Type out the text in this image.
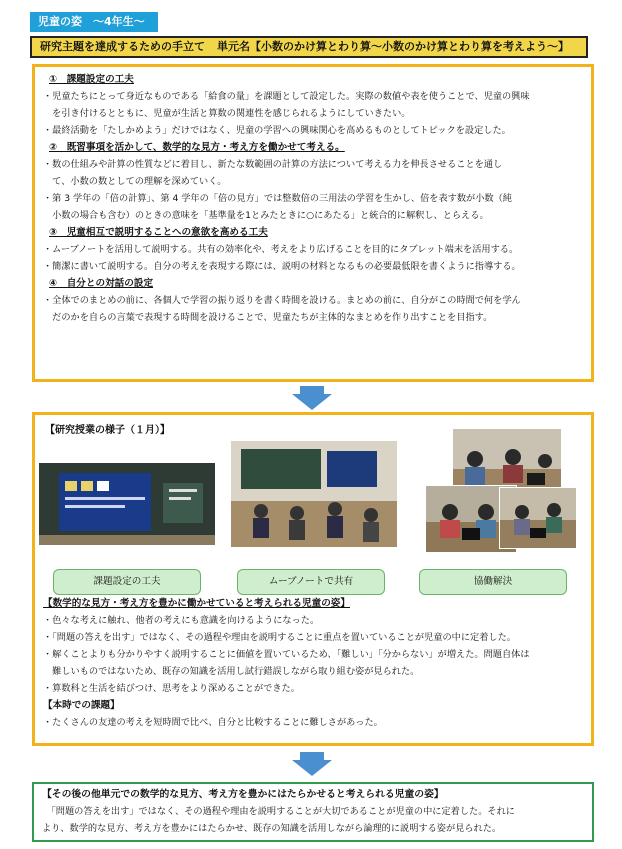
児童の姿　～4年生～
研究主題を達成するための手立て 単元名【小数のかけ算とわり算～小数のかけ算とわり算を考えよう～】
①　課題設定の工夫
・児童たちにとって身近なものである「給食の量」を課題として設定した。実際の数値や表を使うことで、児童の興味
　を引き付けるとともに、児童が生活と算数の関連性を感じられるようにしていきたい。
・最終活動を「たしかめよう」だけではなく、児童の学習への興味関心を高めるものとしてトピックを設定した。
②　既習事項を活かして、数学的な見方・考え方を働かせて考える。
・数の仕組みや計算の性質などに着目し、新たな数範囲の計算の方法について考える力を伸長させることを通し
　て、小数の数としての理解を深めていく。
・第 3 学年の「倍の計算」、第 4 学年の「倍の見方」では整数倍の三用法の学習を生かし、倍を表す数が小数（純
　小数の場合も含む）のときの意味を「基準量を1とみたときに○にあたる」と統合的に解釈し、とらえる。
③　児童相互で説明することへの意欲を高める工夫
・ムーブノートを活用して説明する。共有の効率化や、考えをより広げることを目的にタブレット端末を活用する。
・簡潔に書いて説明する。自分の考えを表現する際には、説明の材料となるもの必要最低限を書くように指導する。
④　自分との対話の設定
・全体でのまとめの前に、各個人で学習の振り返りを書く時間を設ける。まとめの前に、自分がこの時間で何を学ん
　だのかを自らの言葉で表現する時間を設けることで、児童たちが主体的なまとめを作り出すことを目指す。
【研究授業の様子（１月）】
課題設定の工夫	ムーブノートで共有	協働解決
【数学的な見方・考え方を豊かに働かせていると考えられる児童の姿】
・色々な考えに触れ、他者の考えにも意識を向けるようになった。
・「問題の答えを出す」ではなく、その過程や理由を説明することに重点を置いていることが児童の中に定着した。
・解くことよりも分かりやすく説明することに価値を置いているため、「難しい」「分からない」が増えた。問題自体は
　難しいものではないため、既存の知識を活用し試行錯誤しながら取り組む姿が見られた。
・算数科と生活を結びつけ、思考をより深めることができた。
【本時での課題】
・たくさんの友達の考えを短時間で比べ、自分と比較することに難しさがあった。
【その後の他単元での数学的な見方、考え方を豊かにはたらかせると考えられる児童の姿】
　「問題の答えを出す」ではなく、その過程や理由を説明することが大切であることが児童の中に定着した。それに
より、数学的な見方、考え方を豊かにはたらかせ、既存の知識を活用しながら論理的に説明する姿が見られた。
